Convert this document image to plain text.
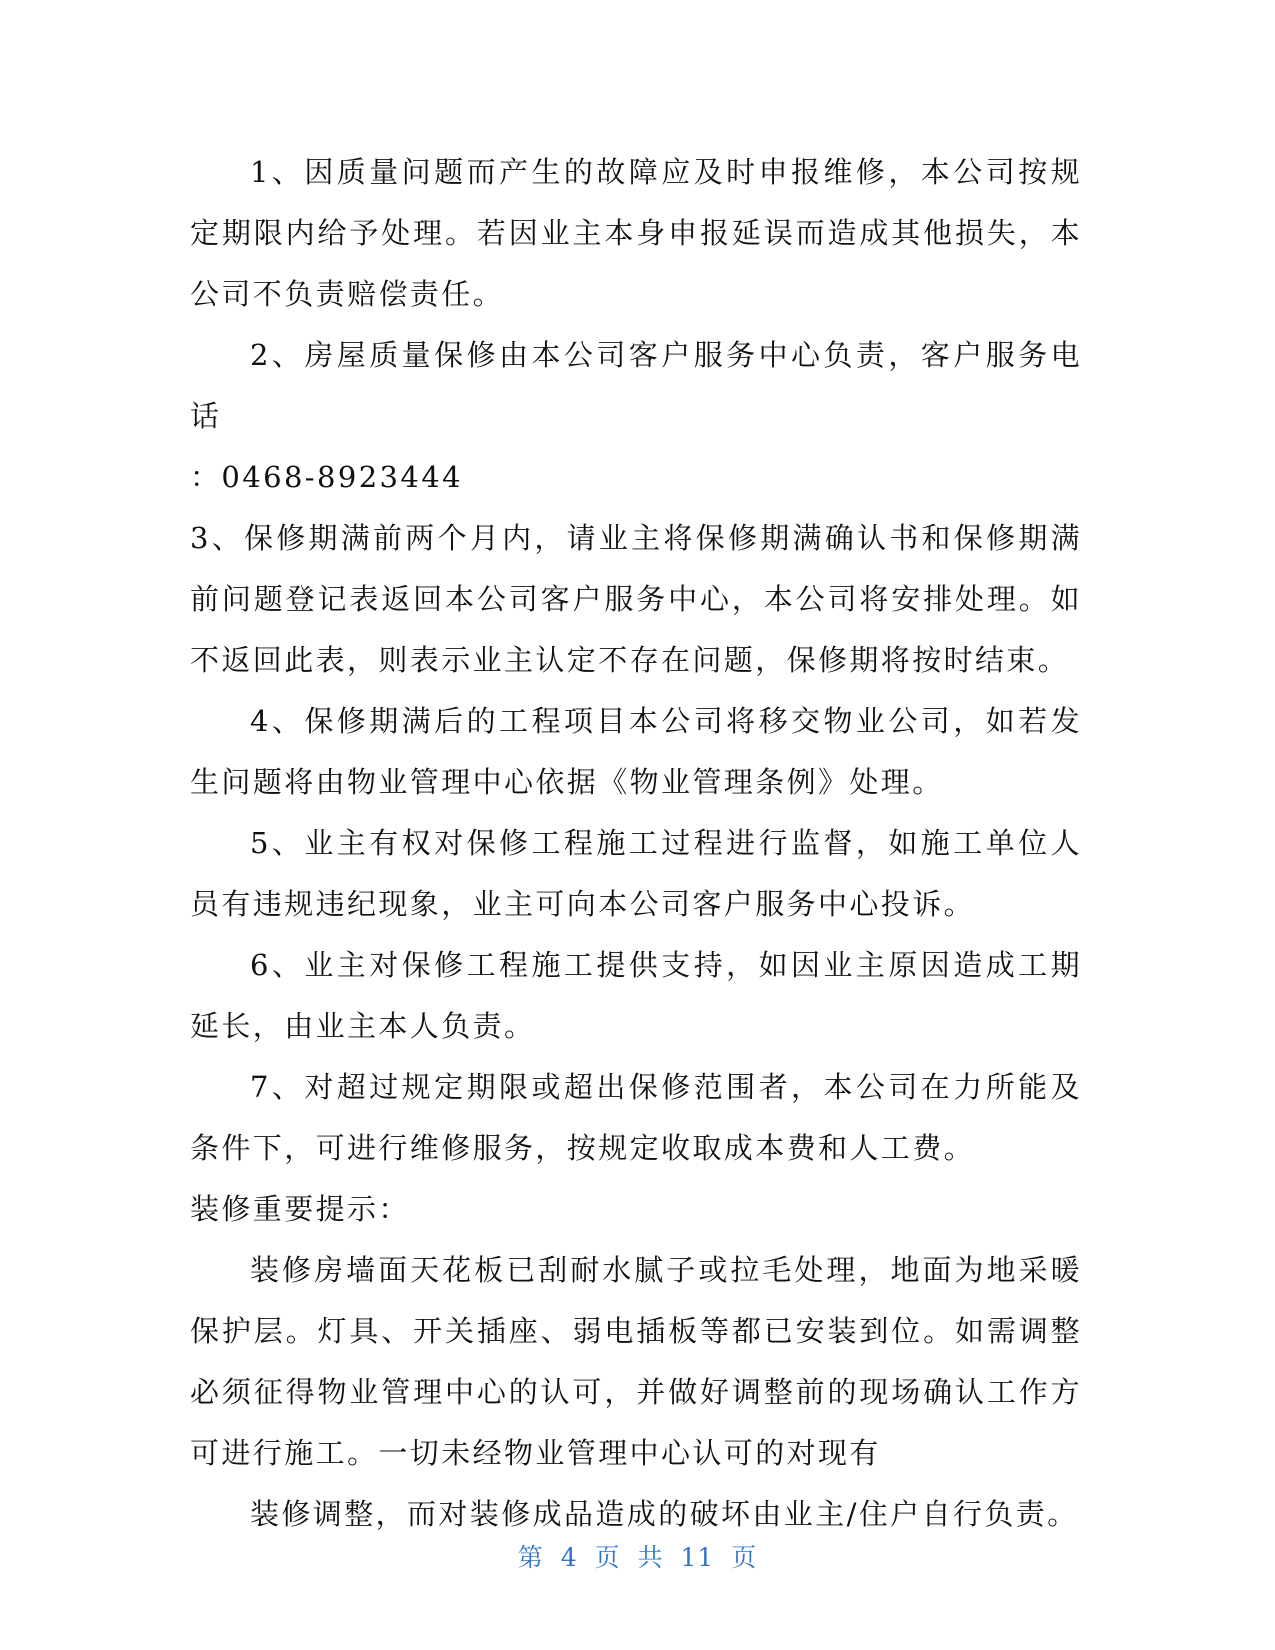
1、因质量问题而产生的故障应及时申报维修，本公司按规定期限内给予处理。若因业主本身申报延误而造成其他损失，本公司不负责赔偿责任。

2、房屋质量保修由本公司客户服务中心负责，客户服务电话

：0468-8923444

3、保修期满前两个月内，请业主将保修期满确认书和保修期满前问题登记表返回本公司客户服务中心，本公司将安排处理。如不返回此表，则表示业主认定不存在问题，保修期将按时结束。

4、保修期满后的工程项目本公司将移交物业公司，如若发生问题将由物业管理中心依据《物业管理条例》处理。

5、业主有权对保修工程施工过程进行监督，如施工单位人员有违规违纪现象，业主可向本公司客户服务中心投诉。

6、业主对保修工程施工提供支持，如因业主原因造成工期延长，由业主本人负责。

7、对超过规定期限或超出保修范围者，本公司在力所能及条件下，可进行维修服务，按规定收取成本费和人工费。

装修重要提示：

装修房墙面天花板已刮耐水腻子或拉毛处理，地面为地采暖保护层。灯具、开关插座、弱电插板等都已安装到位。如需调整必须征得物业管理中心的认可，并做好调整前的现场确认工作方可进行施工。一切未经物业管理中心认可的对现有

装修调整，而对装修成品造成的破坏由业主/住户自行负责。

第 4 页 共 11 页
